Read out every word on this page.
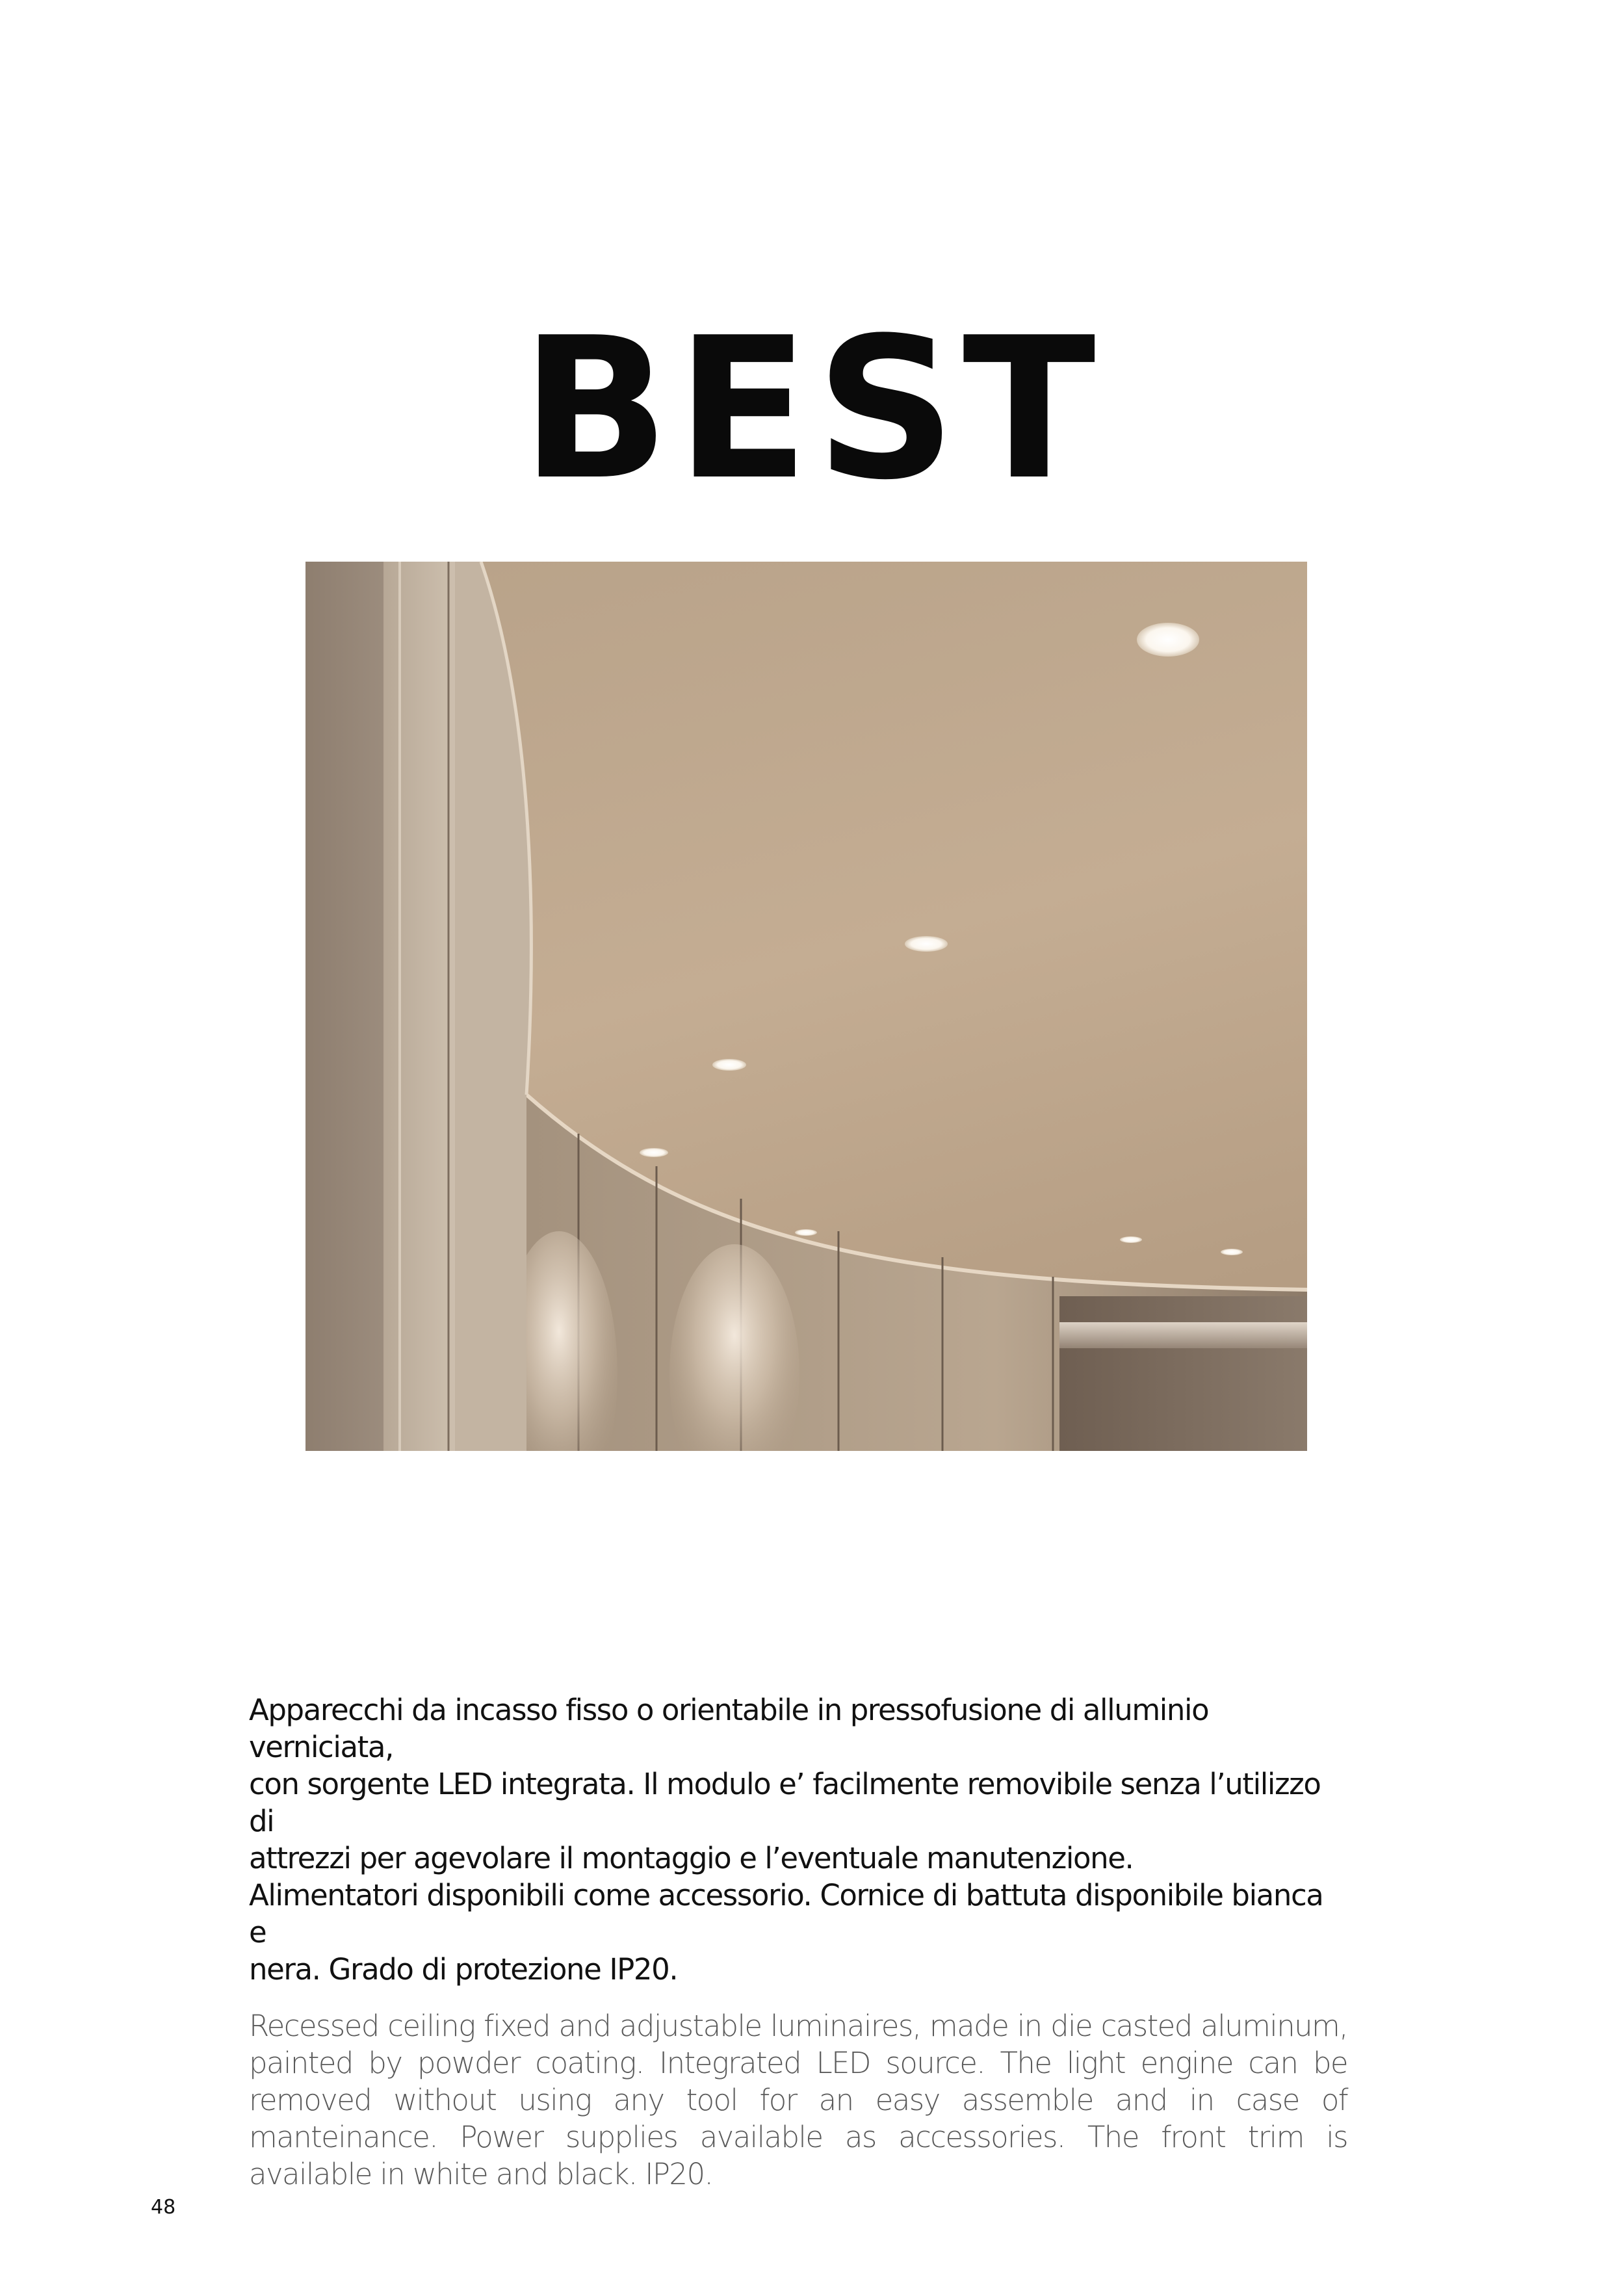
BEST

Apparecchi da incasso fisso o orientabile in pressofusione di alluminio verniciata,
con sorgente LED integrata. Il modulo e’ facilmente removibile senza l’utilizzo di
attrezzi per agevolare il montaggio e l’eventuale manutenzione.
Alimentatori disponibili come accessorio. Cornice di battuta disponibile bianca e
nera. Grado di protezione IP20.

Recessed ceiling fixed and adjustable luminaires, made in die casted aluminum, painted by powder coating. Integrated LED source. The light engine can be removed without using any tool for an easy assemble and in case of manteinance. Power supplies available as accessories. The front trim is available in white and black. IP20.

48
